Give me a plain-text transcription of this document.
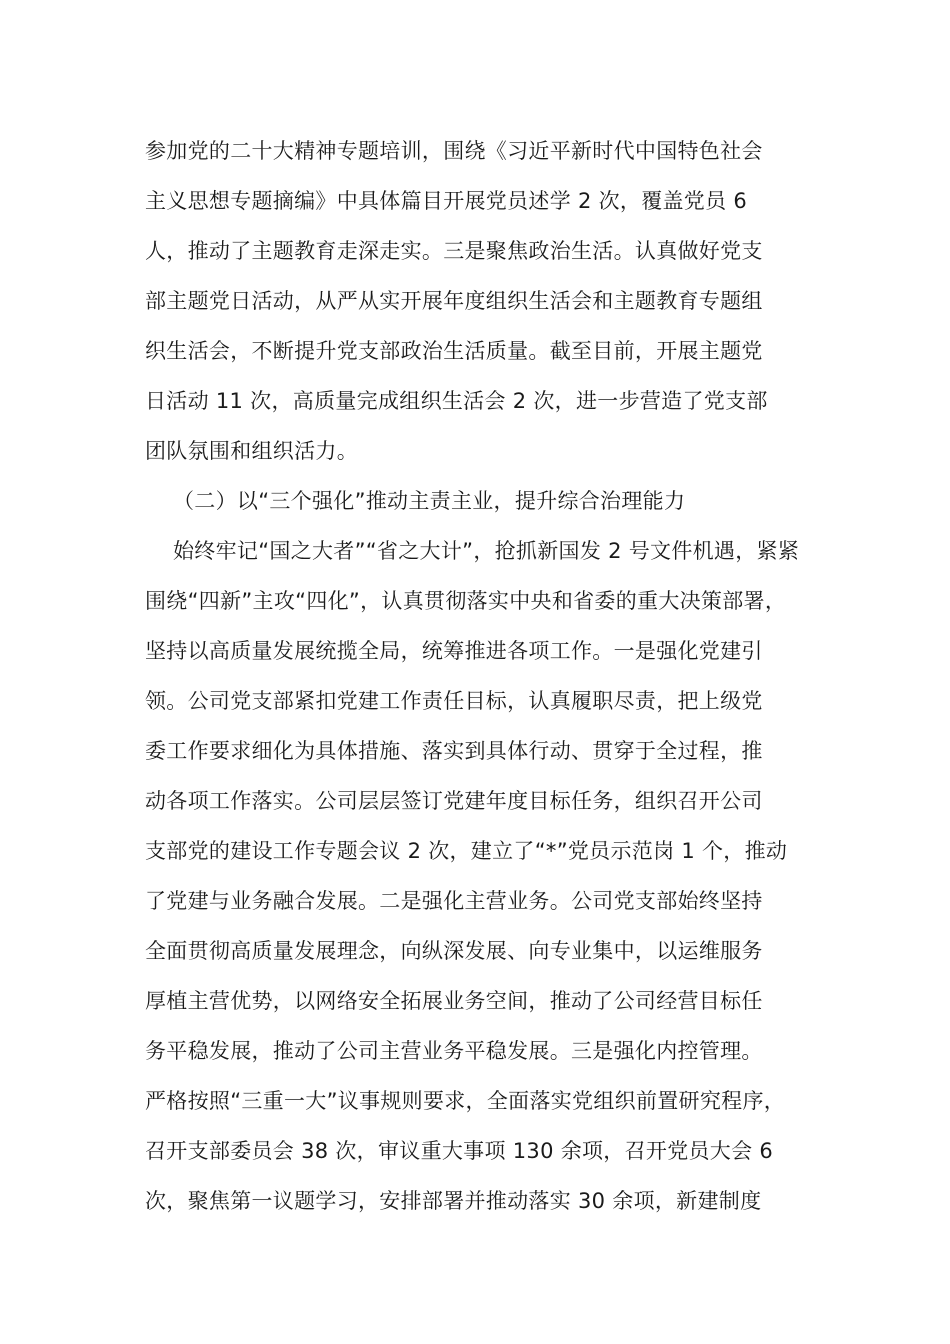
参加党的二十大精神专题培训，围绕《习近平新时代中国特色社会
主义思想专题摘编》中具体篇目开展党员述学 2 次，覆盖党员 6
人，推动了主题教育走深走实。三是聚焦政治生活。认真做好党支
部主题党日活动，从严从实开展年度组织生活会和主题教育专题组
织生活会，不断提升党支部政治生活质量。截至目前，开展主题党
日活动 11 次，高质量完成组织生活会 2 次，进一步营造了党支部
团队氛围和组织活力。
（二）以“三个强化”推动主责主业，提升综合治理能力
始终牢记“国之大者”“省之大计”，抢抓新国发 2 号文件机遇，紧紧
围绕“四新”主攻“四化”，认真贯彻落实中央和省委的重大决策部署，
坚持以高质量发展统揽全局，统筹推进各项工作。一是强化党建引
领。公司党支部紧扣党建工作责任目标，认真履职尽责，把上级党
委工作要求细化为具体措施、落实到具体行动、贯穿于全过程，推
动各项工作落实。公司层层签订党建年度目标任务，组织召开公司
支部党的建设工作专题会议 2 次，建立了“*”党员示范岗 1 个，推动
了党建与业务融合发展。二是强化主营业务。公司党支部始终坚持
全面贯彻高质量发展理念，向纵深发展、向专业集中，以运维服务
厚植主营优势，以网络安全拓展业务空间，推动了公司经营目标任
务平稳发展，推动了公司主营业务平稳发展。三是强化内控管理。
严格按照“三重一大”议事规则要求，全面落实党组织前置研究程序，
召开支部委员会 38 次，审议重大事项 130 余项，召开党员大会 6
次，聚焦第一议题学习，安排部署并推动落实 30 余项，新建制度
